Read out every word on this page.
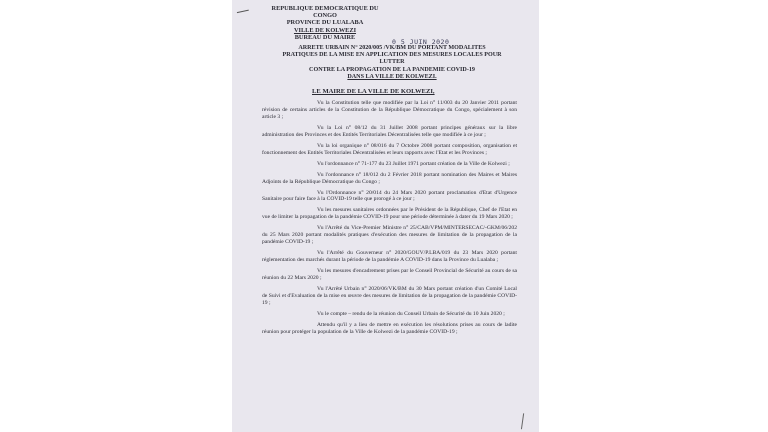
REPUBLIQUE DEMOCRATIQUE DU CONGO
PROVINCE DU LUALABA
VILLE DE KOLWEZI
BUREAU DU MAIRE
0 5 JUIN 2020
ARRETE URBAIN N° 2020/005 /VK/BM DU PORTANT MODALITES
PRATIQUES DE LA MISE EN APPLICATION DES MESURES LOCALES POUR LUTTER
CONTRE LA PROPAGATION DE LA PANDEMIE COVID-19
DANS LA VILLE DE KOLWEZI.
LE MAIRE DE LA VILLE DE KOLWEZI,

Vu la Constitution telle que modifiée par la Loi n° 11/003 du 20 Janvier 2011 portant révision de certains articles de la Constitution de la République Démocratique du Congo, spécialement à son article 3 ;

Vu la Loi n° 08/12 du 31 Juillet 2008 portant principes généraux sur la libre administration des Provinces et des Entités Territoriales Décentralisées telle que modifiée à ce jour ;

Vu la loi organique n° 08/016 du 7 Octobre 2008 portant composition, organisation et fonctionnement des Entités Territoriales Décentralisées et leurs rapports avec l'Etat et les Provinces ;

Vu l'ordonnance n° 71-177 du 23 Juillet 1971 portant création de la Ville de Kolwezi ;

Vu l'ordonnance n° 18/012 du 2 Février 2018 portant nomination des Maires et Maires Adjoints de la République Démocratique du Congo ;

Vu l'Ordonnance n° 20/014 du 24 Mars 2020 portant proclamation d'Etat d'Urgence Sanitaire pour faire face à la COVID-19 telle que prorogé à ce jour ;

Vu les mesures sanitaires ordonnées par le Président de la République, Chef de l'Etat en vue de limiter la propagation de la pandémie COVID-19 pour une période déterminée à dater du 19 Mars 2020 ;

Vu l'Arrêté du Vice-Premier Ministre n° 25/CAB/VPM/MINTERSECAC/-GKM/06/202 du 25 Mars 2020 portant modalités pratiques d'exécution des mesures de limitation de la propagation de la pandémie COVID-19 ;

Vu l'Arrêté du Gouverneur n° 2020/GOUV/P.LBA/019 du 23 Mars 2020 portant réglementation des marchés durant la période de la pandémie A COVID-19 dans la Province du Lualaba ;

Vu les mesures d'encadrement prises par le Conseil Provincial de Sécurité au cours de sa réunion du 22 Mars 2020 ;

Vu l'Arrêté Urbain n° 2020/06/VK/BM du 30 Mars portant création d'un Comité Local de Suivi et d'Evaluation de la mise en œuvre des mesures de limitation de la propagation de la pandémie COVID-19 ;

Vu le compte – rendu de la réunion du Conseil Urbain de Sécurité du 10 Juin 2020 ;

Attendu qu'il y a lieu de mettre en exécution les résolutions prises au cours de ladite réunion pour protéger la population de la Ville de Kolwezi de la pandémie COVID-19 ;
